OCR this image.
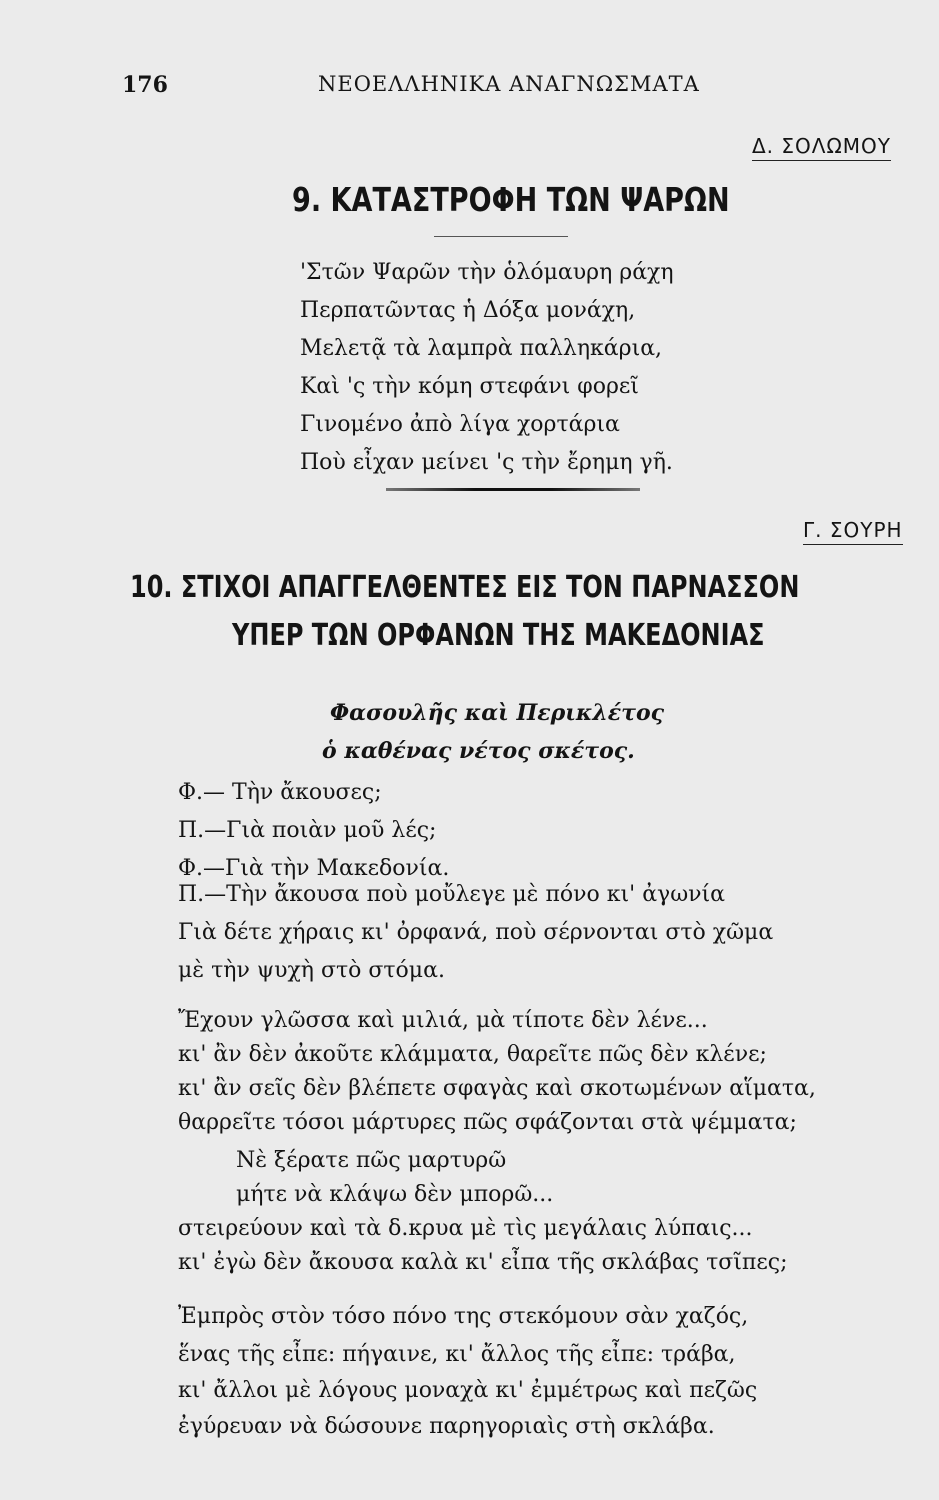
176	ΝΕΟΕΛΛΗΝΙΚΑ ΑΝΑΓΝΩΣΜΑΤΑ
Δ. ΣΟΛΩΜΟΥ
9. ΚΑΤΑΣΤΡΟΦΗ ΤΩΝ ΨΑΡΩΝ
'Στῶν Ψαρῶν τὴν ὁλόμαυρη ράχη
Περπατῶντας ἡ Δόξα μονάχη,
Μελετᾷ τὰ λαμπρὰ παλληκάρια,
Καὶ 'ς τὴν κόμη στεφάνι φορεῖ
Γινομένο ἀπὸ λίγα χορτάρια
Ποὺ εἶχαν μείνει 'ς τὴν ἔρημη γῆ.
Γ. ΣΟΥΡΗ
10. ΣΤΙΧΟΙ ΑΠΑΓΓΕΛΘΕΝΤΕΣ ΕΙΣ ΤΟΝ ΠΑΡΝΑΣΣΟΝ
ΥΠΕΡ ΤΩΝ ΟΡΦΑΝΩΝ ΤΗΣ ΜΑΚΕΔΟΝΙΑΣ
Φασουλῆς καὶ Περικλέτος
ὁ καθένας νέτος σκέτος.
Φ.— Τὴν ἄκουσες;
Π.—Γιὰ ποιὰν μοῦ λές;
Φ.—Γιὰ τὴν Μακεδονία.
Π.—Τὴν ἄκουσα ποὺ μοὔλεγε μὲ πόνο κι' ἀγωνία
Γιὰ δέτε χήραις κι' ὀρφανά, ποὺ σέρνονται στὸ χῶμα
μὲ τὴν ψυχὴ στὸ στόμα.
Ἔχουν γλῶσσα καὶ μιλιά, μὰ τίποτε δὲν λένε...
κι' ἂν δὲν ἀκοῦτε κλάμματα, θαρεῖτε πῶς δὲν κλένε;
κι' ἂν σεῖς δὲν βλέπετε σφαγὰς καὶ σκοτωμένων αἵματα,
θαρρεῖτε τόσοι μάρτυρες πῶς σφάζονται στὰ ψέμματα;
Νὲ ξέρατε πῶς μαρτυρῶ
μήτε νὰ κλάψω δὲν μπορῶ...
στειρεύουν καὶ τὰ δ.κρυα μὲ τὶς μεγάλαις λύπαις...
κι' ἐγὼ δὲν ἄκουσα καλὰ κι' εἶπα τῆς σκλάβας τσῖπες;
Ἐμπρὸς στὸν τόσο πόνο της στεκόμουν σὰν χαζός,
ἕνας τῆς εἶπε: πήγαινε, κι' ἄλλος τῆς εἶπε: τράβα,
κι' ἄλλοι μὲ λόγους μοναχὰ κι' ἐμμέτρως καὶ πεζῶς
ἐγύρευαν νὰ δώσουνε παρηγοριαὶς στὴ σκλάβα.
